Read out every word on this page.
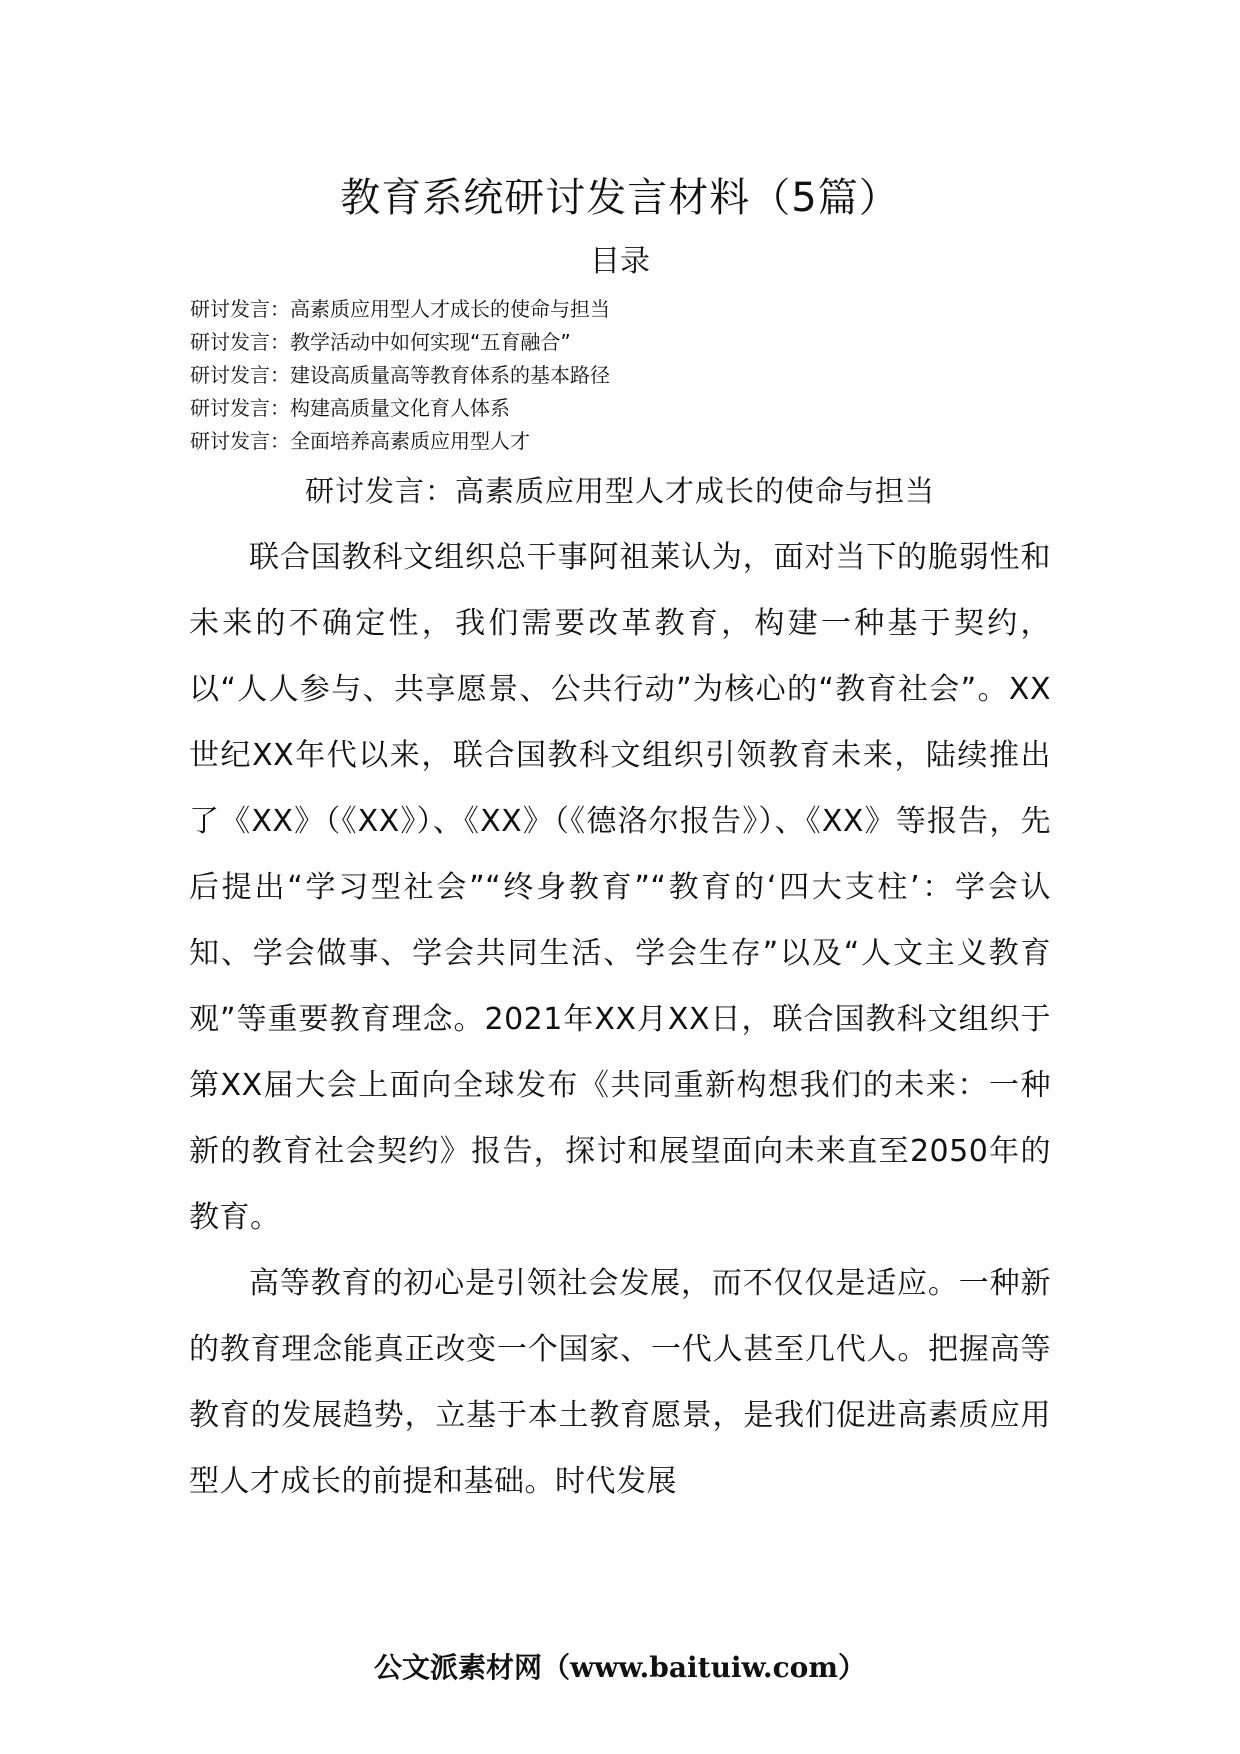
教育系统研讨发言材料（5篇）
目录
研讨发言：高素质应用型人才成长的使命与担当
研讨发言：教学活动中如何实现“五育融合”
研讨发言：建设高质量高等教育体系的基本路径
研讨发言：构建高质量文化育人体系
研讨发言：全面培养高素质应用型人才
研讨发言：高素质应用型人才成长的使命与担当

联合国教科文组织总干事阿祖莱认为，面对当下的脆弱性和未来的不确定性，我们需要改革教育，构建一种基于契约，以“人人参与、共享愿景、公共行动”为核心的“教育社会”。XX世纪XX年代以来，联合国教科文组织引领教育未来，陆续推出了《XX》（《XX》）、《XX》（《德洛尔报告》）、《XX》等报告，先后提出“学习型社会”“终身教育”“教育的‘四大支柱’：学会认知、学会做事、学会共同生活、学会生存”以及“人文主义教育观”等重要教育理念。2021年XX月XX日，联合国教科文组织于第XX届大会上面向全球发布《共同重新构想我们的未来：一种新的教育社会契约》报告，探讨和展望面向未来直至2050年的教育。

高等教育的初心是引领社会发展，而不仅仅是适应。一种新的教育理念能真正改变一个国家、一代人甚至几代人。把握高等教育的发展趋势，立基于本土教育愿景，是我们促进高素质应用型人才成长的前提和基础。时代发展

公文派素材网（www.baituiw.com）
